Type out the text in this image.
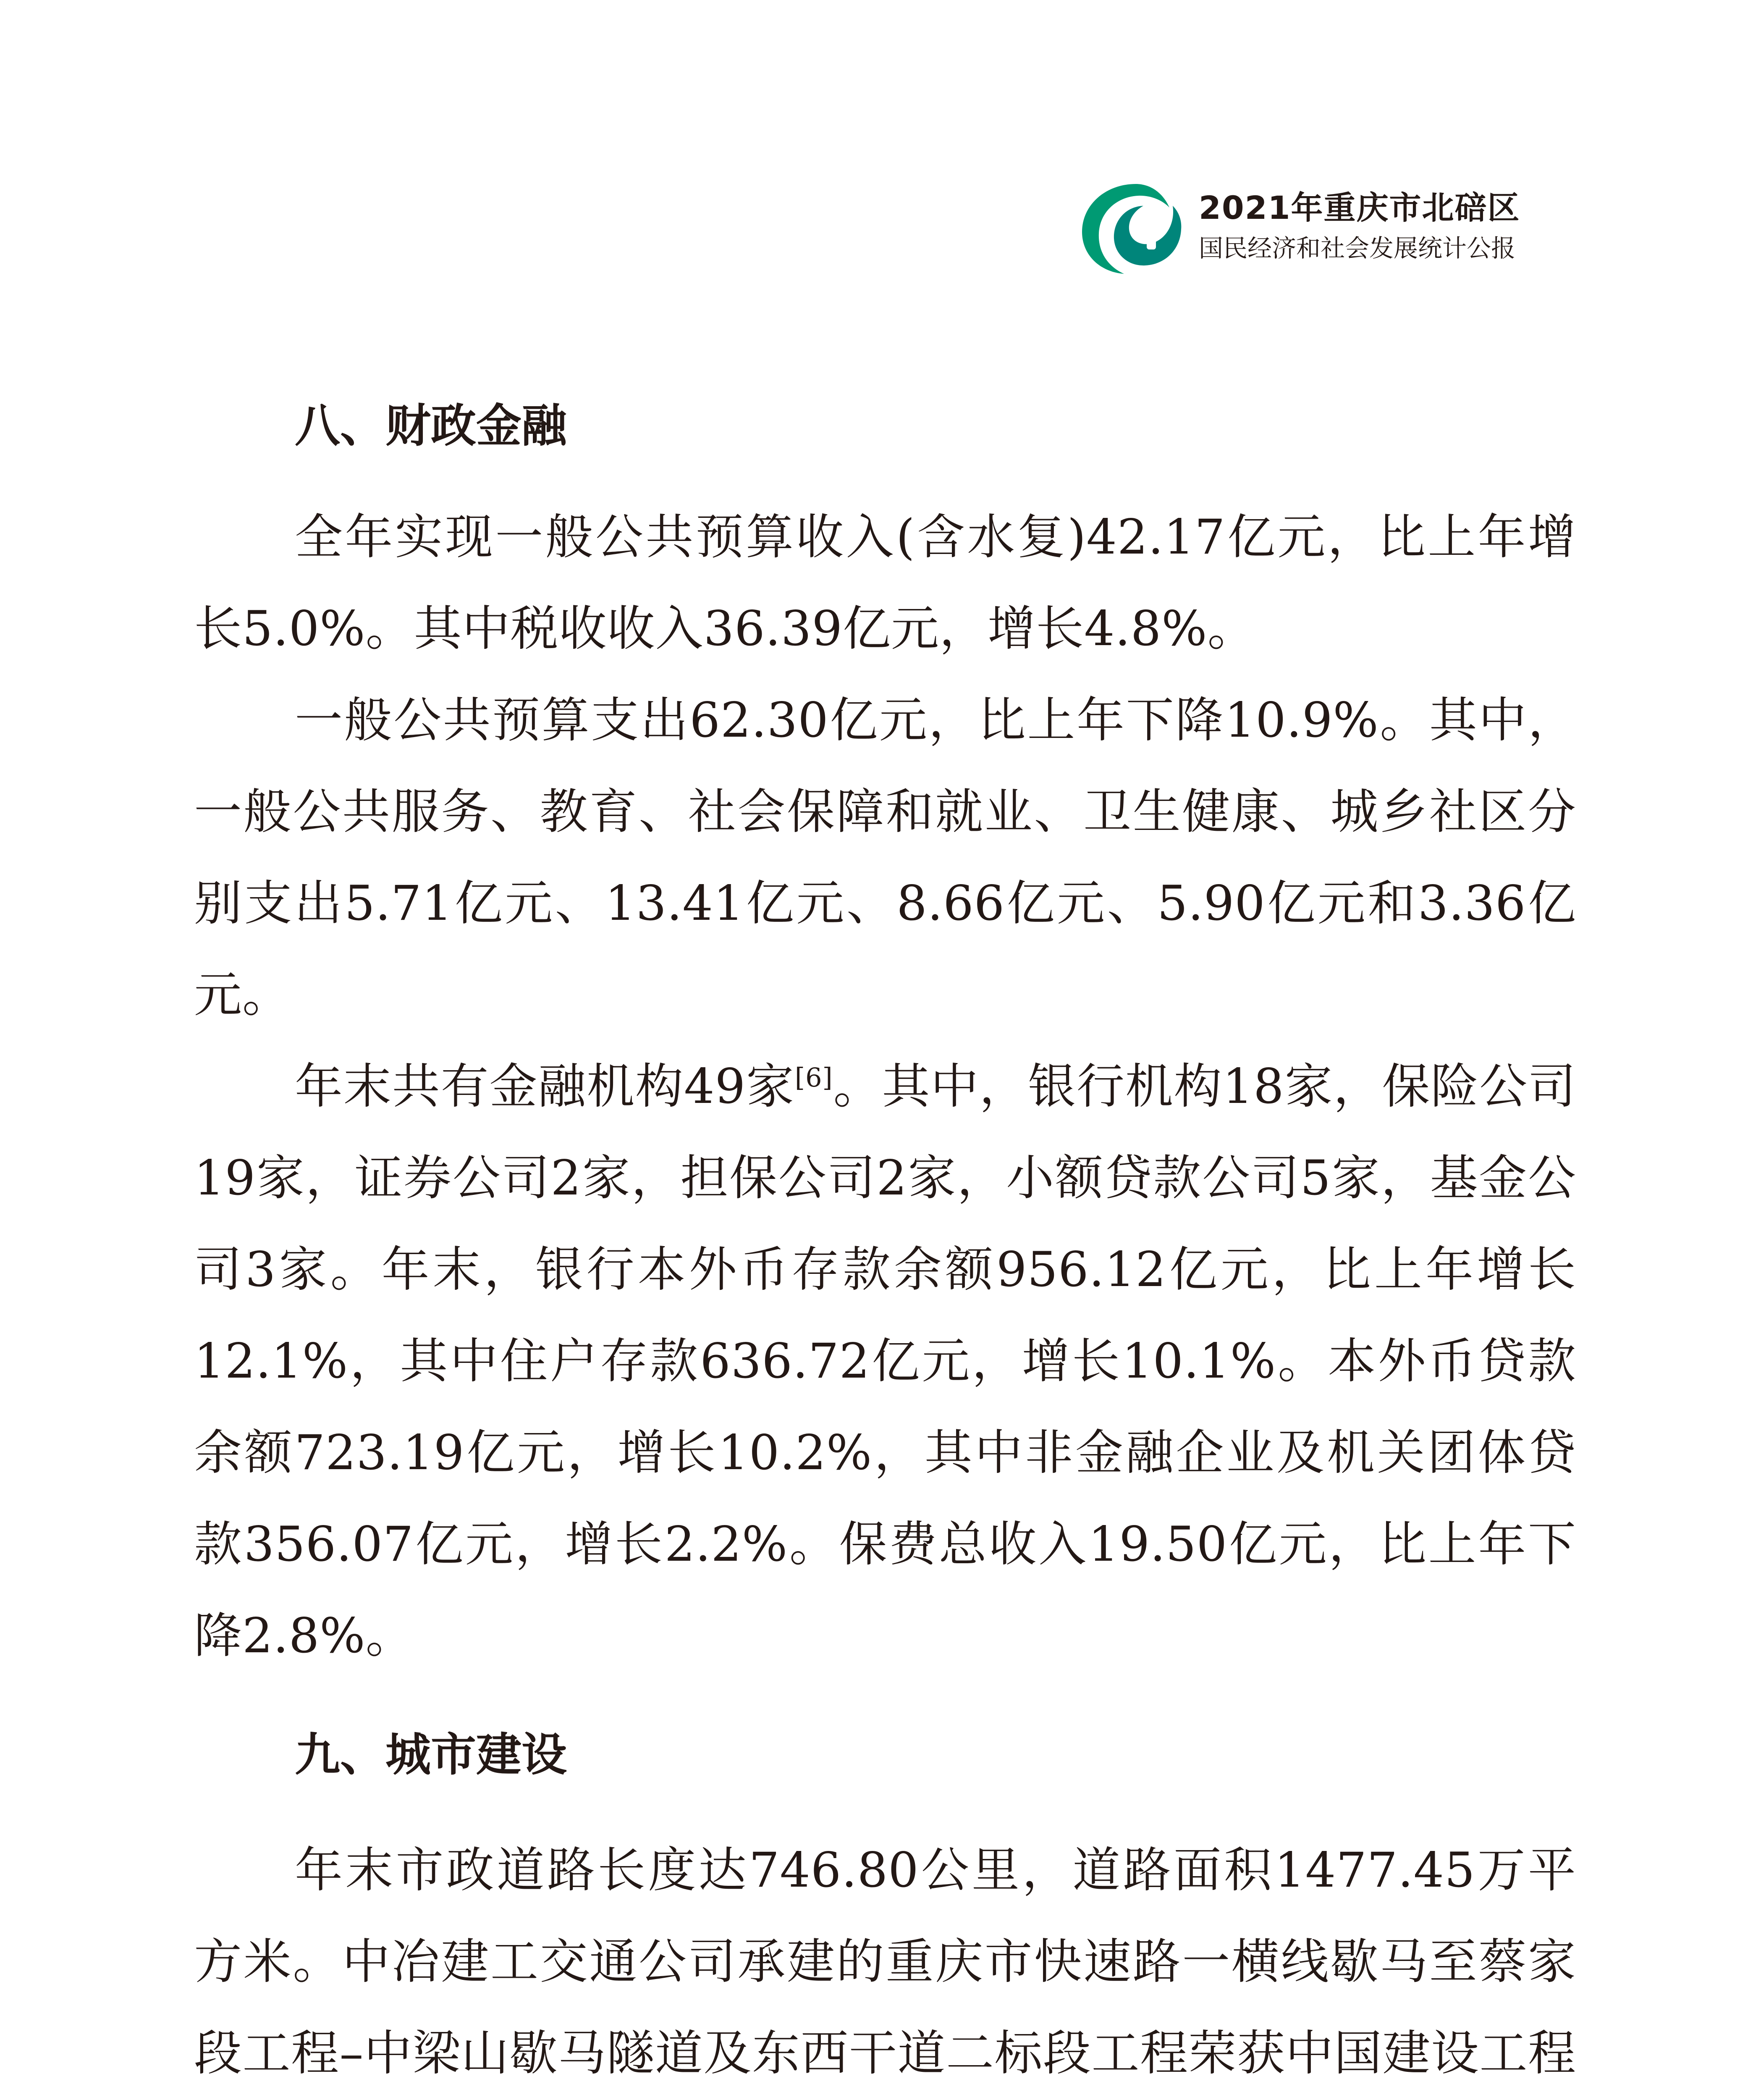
2021年重庆市北碚区
国民经济和社会发展统计公报
八、财政金融

全年实现一般公共预算收入(含水复)42.17亿元，比上年增长5.0%。其中税收收入36.39亿元，增长4.8%。

一般公共预算支出62.30亿元，比上年下降10.9%。其中，一般公共服务、教育、社会保障和就业、卫生健康、城乡社区分别支出5.71亿元、13.41亿元、8.66亿元、5.90亿元和3.36亿元。

年末共有金融机构49家[6]。其中，银行机构18家，保险公司19家，证券公司2家，担保公司2家，小额贷款公司5家，基金公司3家。年末，银行本外币存款余额956.12亿元，比上年增长12.1%，其中住户存款636.72亿元，增长10.1%。本外币贷款余额723.19亿元，增长10.2%，其中非金融企业及机关团体贷款356.07亿元，增长2.2%。保费总收入19.50亿元，比上年下降2.8%。

九、城市建设

年末市政道路长度达746.80公里，道路面积1477.45万平方米。中冶建工交通公司承建的重庆市快速路一横线歇马至蔡家段工程–中梁山歇马隧道及东西干道二标段工程荣获中国建设工程
